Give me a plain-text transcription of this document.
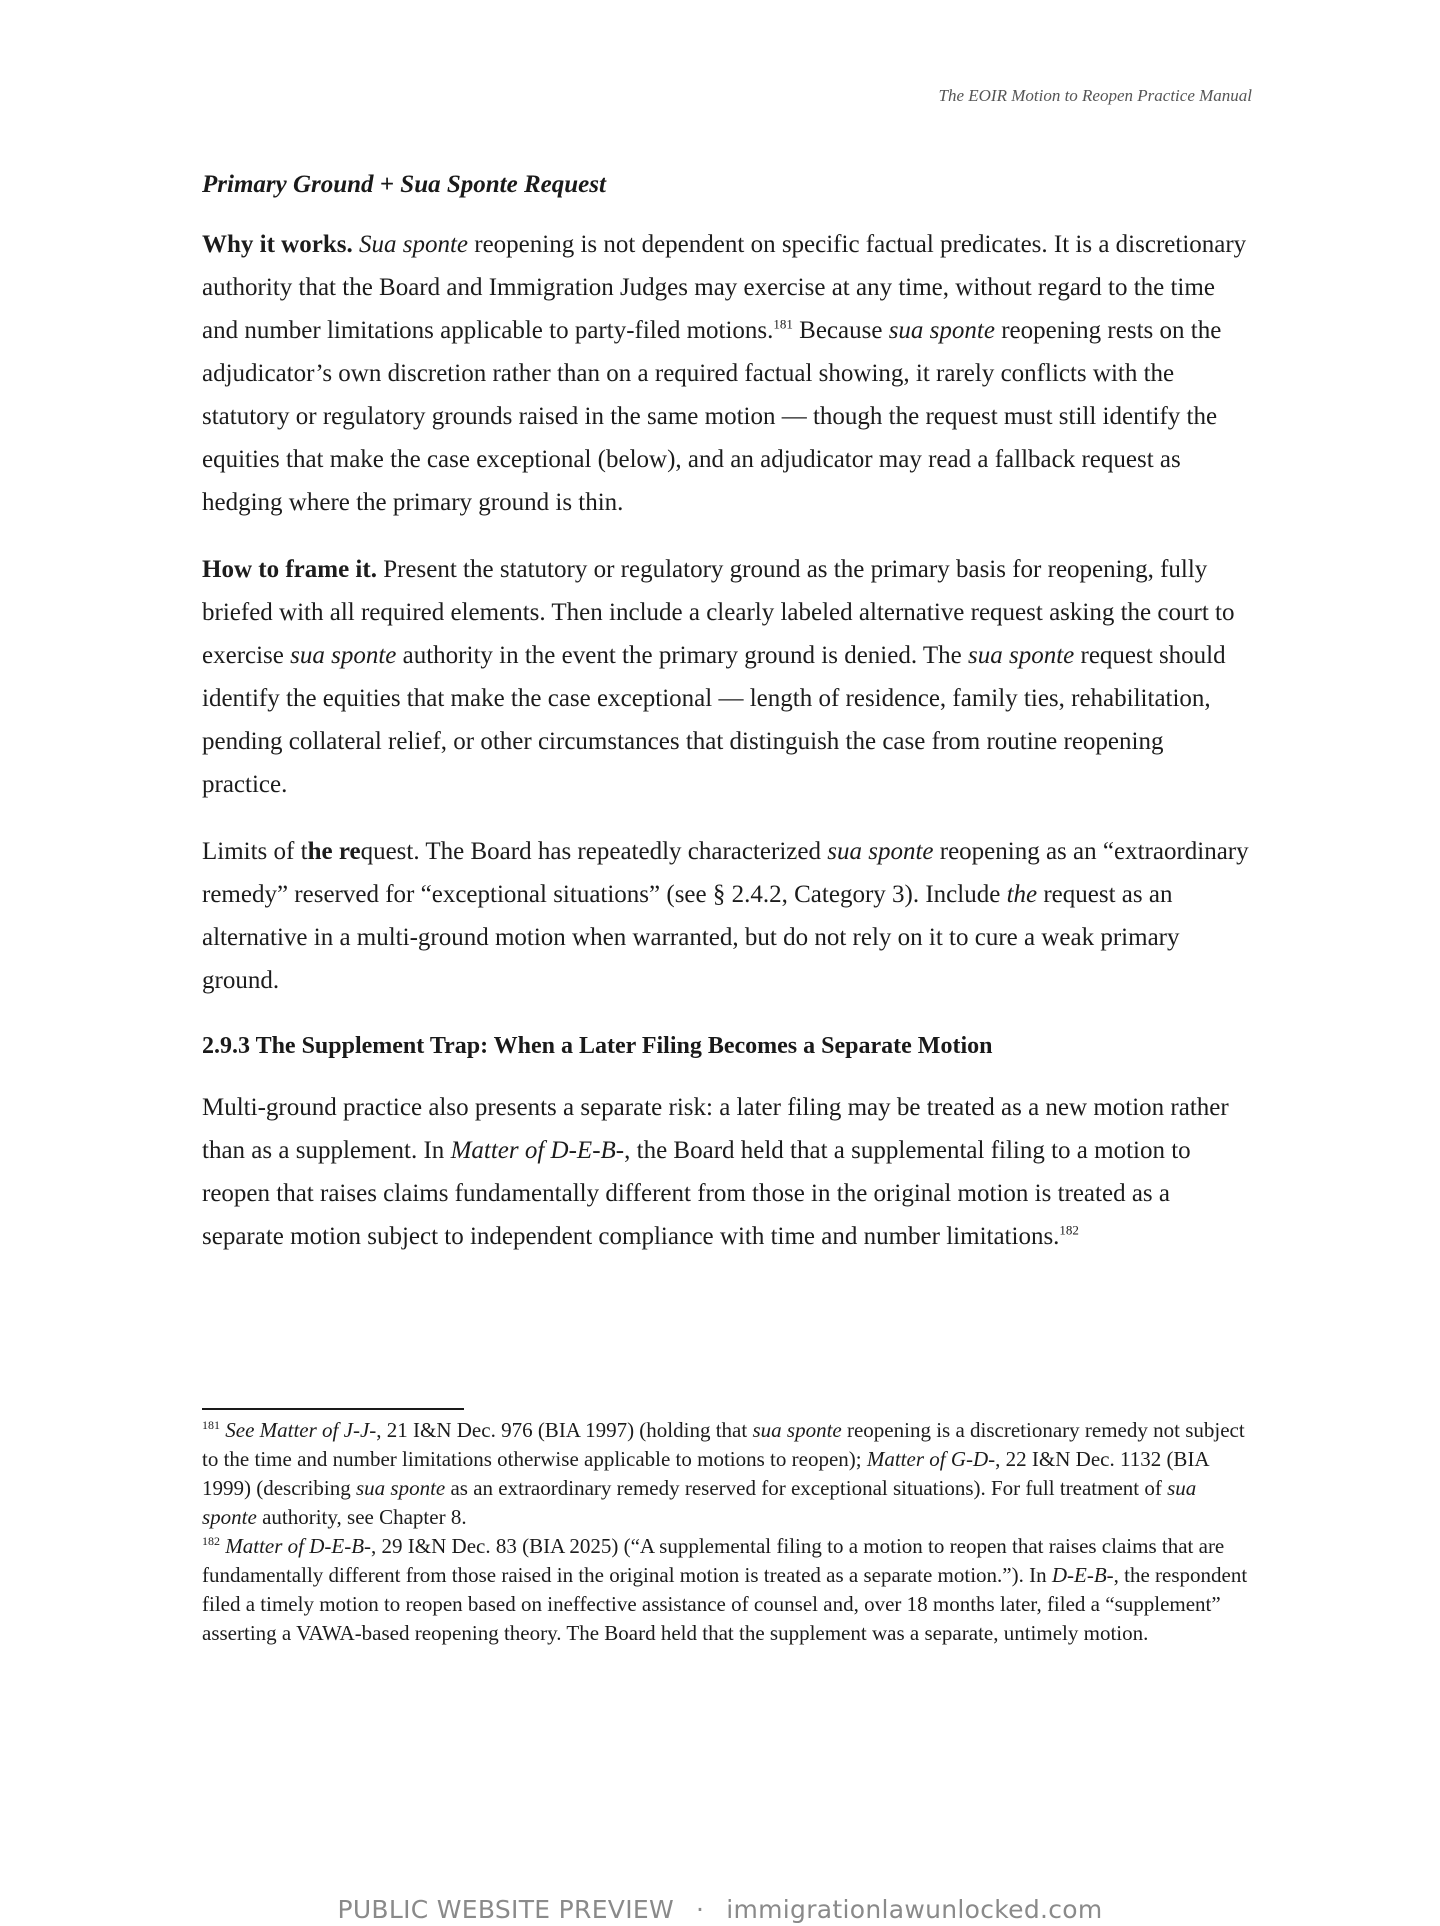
The EOIR Motion to Reopen Practice Manual

Primary Ground + Sua Sponte Request

Why it works. Sua sponte reopening is not dependent on specific factual predicates. It is a discretionary authority that the Board and Immigration Judges may exercise at any time, without regard to the time and number limitations applicable to party-filed motions.$^{181}$ Because sua sponte reopening rests on the adjudicator’s own discretion rather than on a required factual showing, it rarely conflicts with the statutory or regulatory grounds raised in the same motion — though the request must still identify the equities that make the case exceptional (below), and an adjudicator may read a fallback request as hedging where the primary ground is thin.

How to frame it. Present the statutory or regulatory ground as the primary basis for reopening, fully briefed with all required elements. Then include a clearly labeled alternative request asking the court to exercise sua sponte authority in the event the primary ground is denied. The sua sponte request should identify the equities that make the case exceptional — length of residence, family ties, rehabilitation, pending collateral relief, or other circumstances that distinguish the case from routine reopening practice.

Limits of the request. The Board has repeatedly characterized sua sponte reopening as an “extraordinary remedy” reserved for “exceptional situations” (see § 2.4.2, Category 3). Include the request as an alternative in a multi-ground motion when warranted, but do not rely on it to cure a weak primary ground.

2.9.3 The Supplement Trap: When a Later Filing Becomes a Separate Motion

Multi-ground practice also presents a separate risk: a later filing may be treated as a new motion rather than as a supplement. In Matter of D-E-B-, the Board held that a supplemental filing to a motion to reopen that raises claims fundamentally different from those in the original motion is treated as a separate motion subject to independent compliance with time and number limitations.$^{182}$

$^{181}$ See Matter of J-J-, 21 I&N Dec. 976 (BIA 1997) (holding that sua sponte reopening is a discretionary remedy not subject to the time and number limitations otherwise applicable to motions to reopen); Matter of G-D-, 22 I&N Dec. 1132 (BIA 1999) (describing sua sponte as an extraordinary remedy reserved for exceptional situations). For full treatment of sua sponte authority, see Chapter 8.

$^{182}$ Matter of D-E-B-, 29 I&N Dec. 83 (BIA 2025) (“A supplemental filing to a motion to reopen that raises claims that are fundamentally different from those raised in the original motion is treated as a separate motion.”). In D-E-B-, the respondent filed a timely motion to reopen based on ineffective assistance of counsel and, over 18 months later, filed a “supplement” asserting a VAWA-based reopening theory. The Board held that the supplement was a separate, untimely motion.

PUBLIC WEBSITE PREVIEW · immigrationlawunlocked.com
